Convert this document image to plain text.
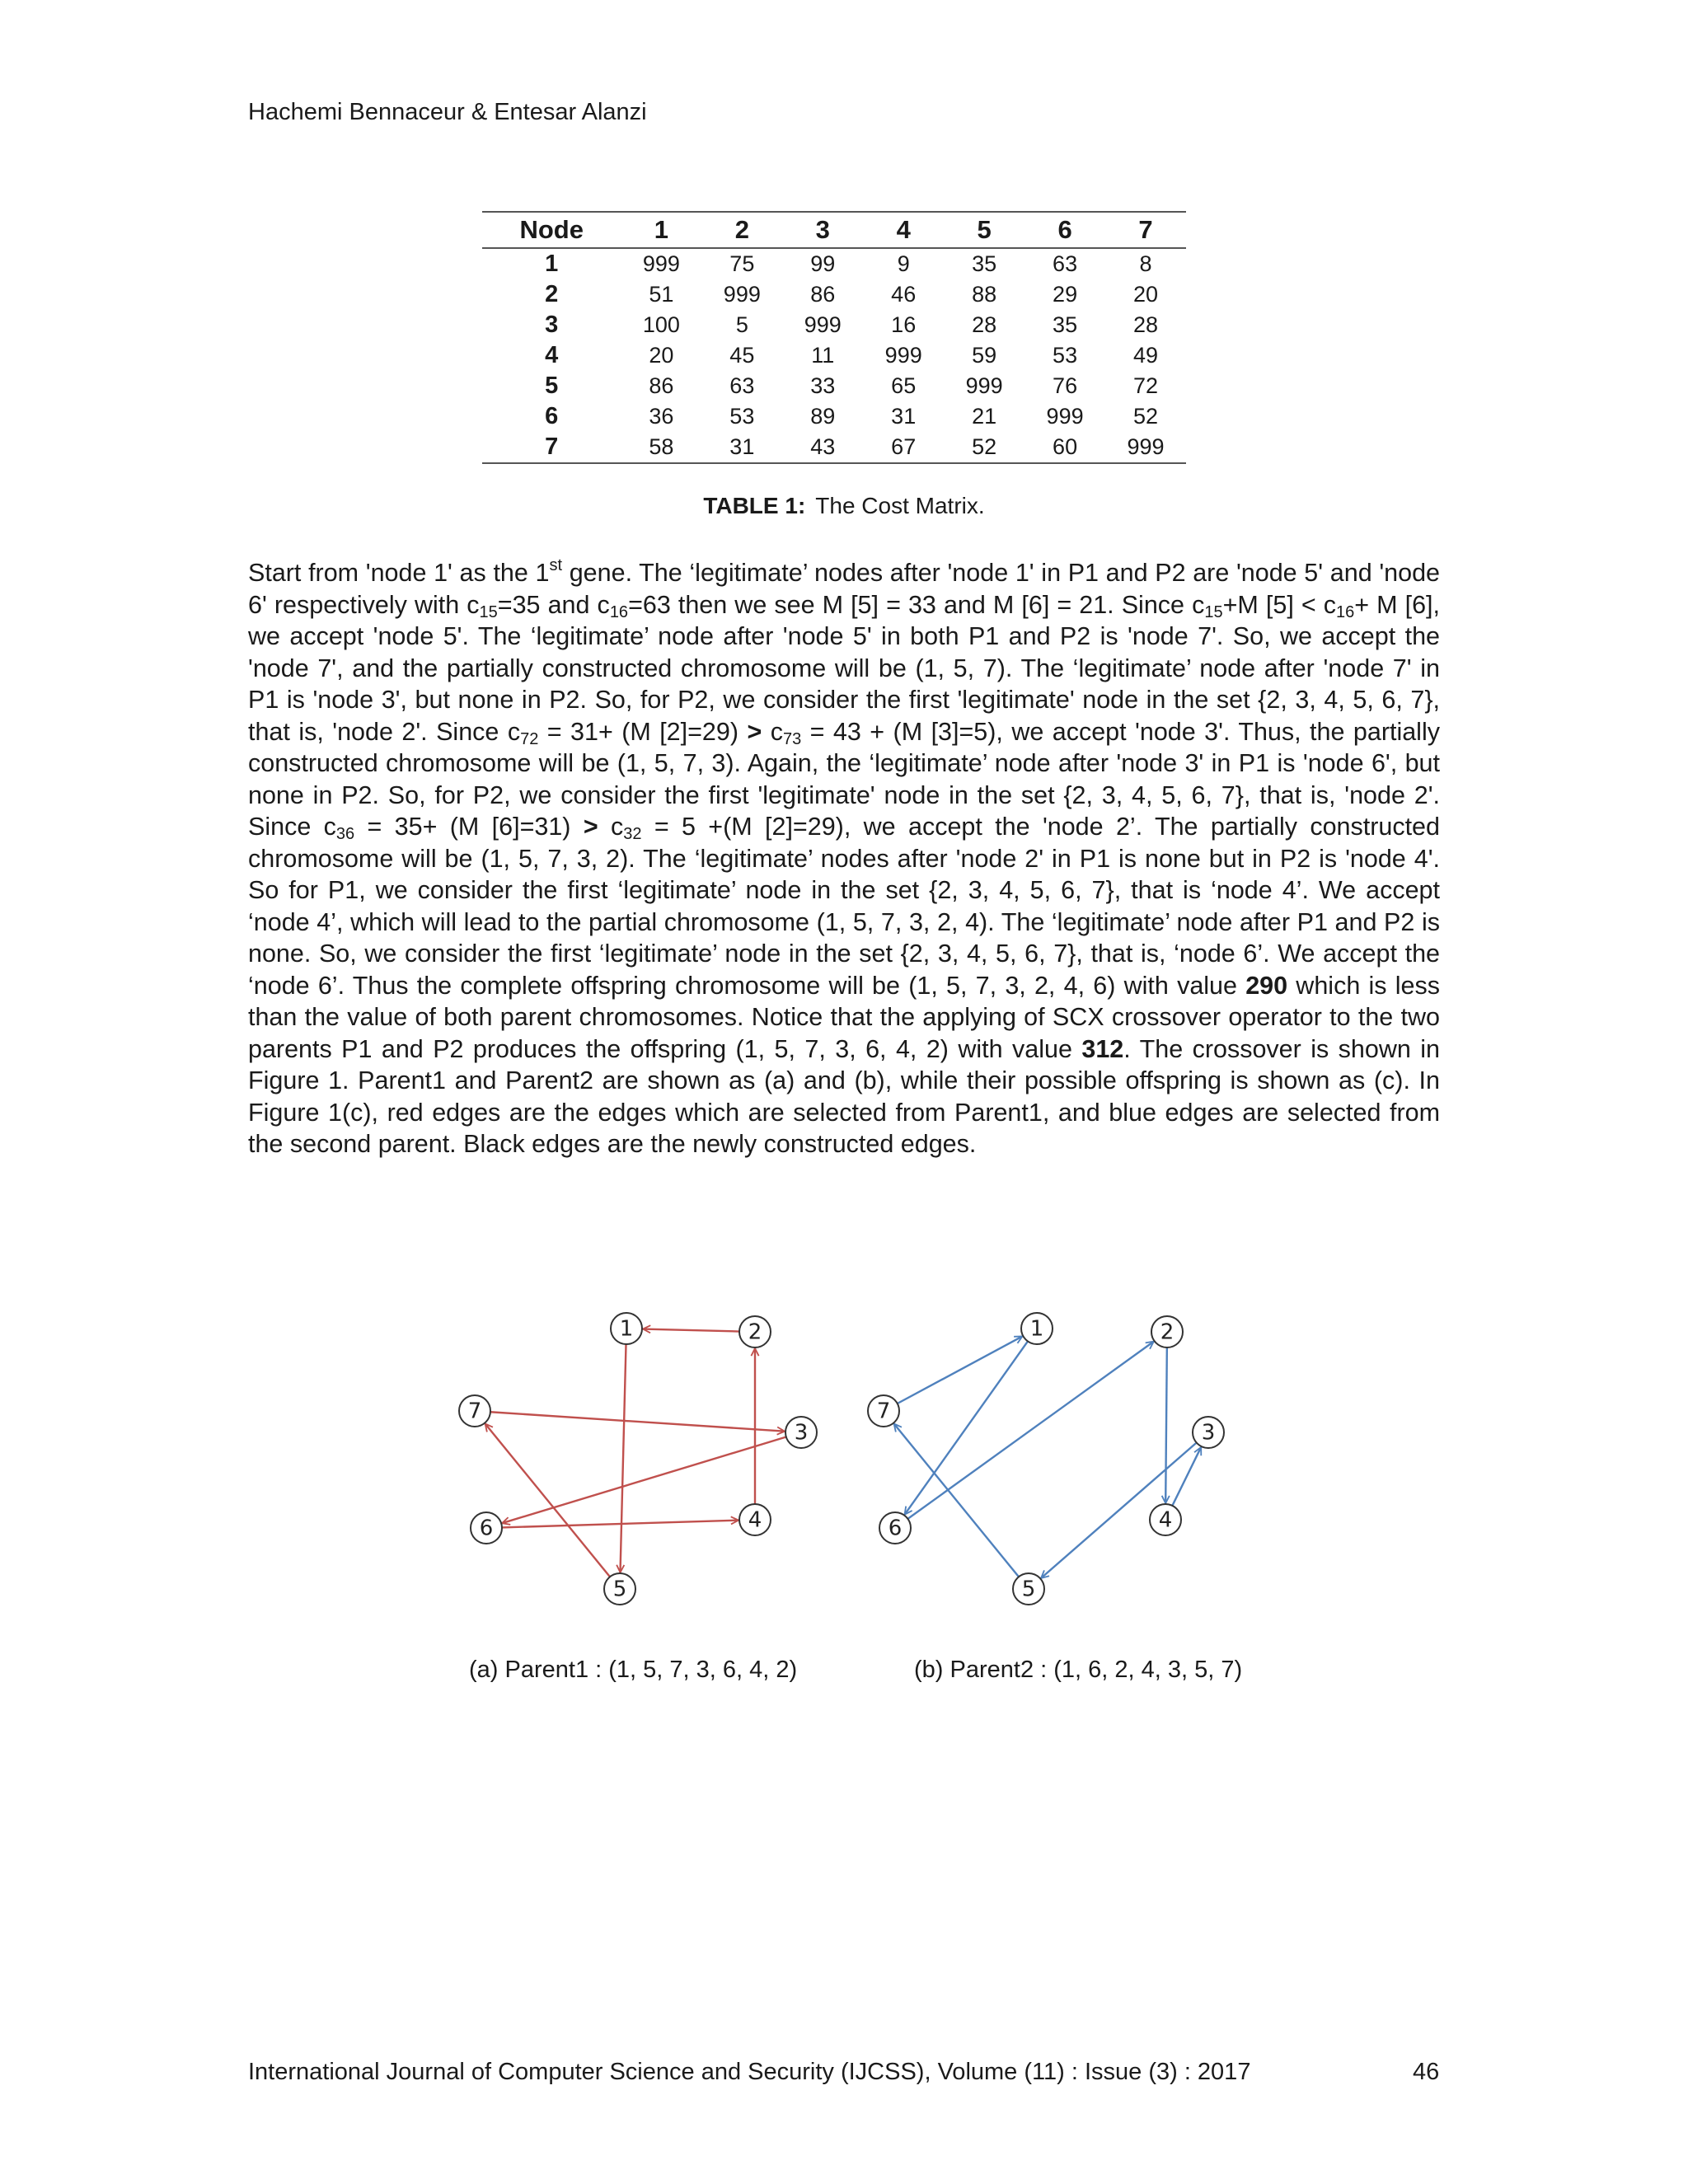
Hachemi Bennaceur & Entesar Alanzi
Node	1	2	3	4	5	6	7
1	999	75	99	9	35	63	8
2	51	999	86	46	88	29	20
3	100	5	999	16	28	35	28
4	20	45	11	999	59	53	49
5	86	63	33	65	999	76	72
6	36	53	89	31	21	999	52
7	58	31	43	67	52	60	999
TABLE 1: The Cost Matrix.

Start from 'node 1' as the 1st gene. The ‘legitimate’ nodes after 'node 1' in P1 and P2 are 'node 5' and 'node 6' respectively with $c_{15}=35$ and $c_{16}=63$ then we see M [5] = 33 and M [6] = 21. Since $c_{15}+M$ $[5] < c_{16}+ M$ [6], we accept 'node 5'. The ‘legitimate’ node after 'node 5' in both P1 and P2 is 'node 7'. So, we accept the 'node 7', and the partially constructed chromosome will be (1, 5, 7). The ‘legitimate’ node after 'node 7' in P1 is 'node 3', but none in P2. So, for P2, we consider the first 'legitimate' node in the set {2, 3, 4, 5, 6, 7}, that is, 'node 2'. Since $c_{72} = 31+ (M$ $[2]=29) > c_{73} = 43 + (M$ [3]=5), we accept 'node 3'. Thus, the partially constructed chromosome will be (1, 5, 7, 3). Again, the ‘legitimate’ node after 'node 3' in P1 is 'node 6', but none in P2. So, for P2, we consider the first 'legitimate' node in the set {2, 3, 4, 5, 6, 7}, that is, 'node 2'. Since $c_{36} = 35+ (M$ $[6]=31) > c_{32} = 5 +(M$ [2]=29), we accept the 'node 2’. The partially constructed chromosome will be (1, 5, 7, 3, 2). The ‘legitimate’ nodes after 'node 2' in P1 is none but in P2 is 'node 4'. So for P1, we consider the first ‘legitimate’ node in the set {2, 3, 4, 5, 6, 7}, that is ‘node 4’. We accept ‘node 4’, which will lead to the partial chromosome (1, 5, 7, 3, 2, 4). The ‘legitimate’ node after P1 and P2 is none. So, we consider the first ‘legitimate’ node in the set {2, 3, 4, 5, 6, 7}, that is, ‘node 6’. We accept the ‘node 6’. Thus the complete offspring chromosome will be (1, 5, 7, 3, 2, 4, 6) with value 290 which is less than the value of both parent chromosomes. Notice that the applying of SCX crossover operator to the two parents P1 and P2 produces the offspring (1, 5, 7, 3, 6, 4, 2) with value 312. The crossover is shown in Figure 1. Parent1 and Parent2 are shown as (a) and (b), while their possible offspring is shown as (c). In Figure 1(c), red edges are the edges which are selected from Parent1, and blue edges are selected from the second parent. Black edges are the newly constructed edges.

1	2
3
4
5
6
7
1	2
3
4
5
6
7
(a) Parent1 : (1, 5, 7, 3, 6, 4, 2)	(b) Parent2 : (1, 6, 2, 4, 3, 5, 7)
International Journal of Computer Science and Security (IJCSS), Volume (11) : Issue (3) : 2017	46
